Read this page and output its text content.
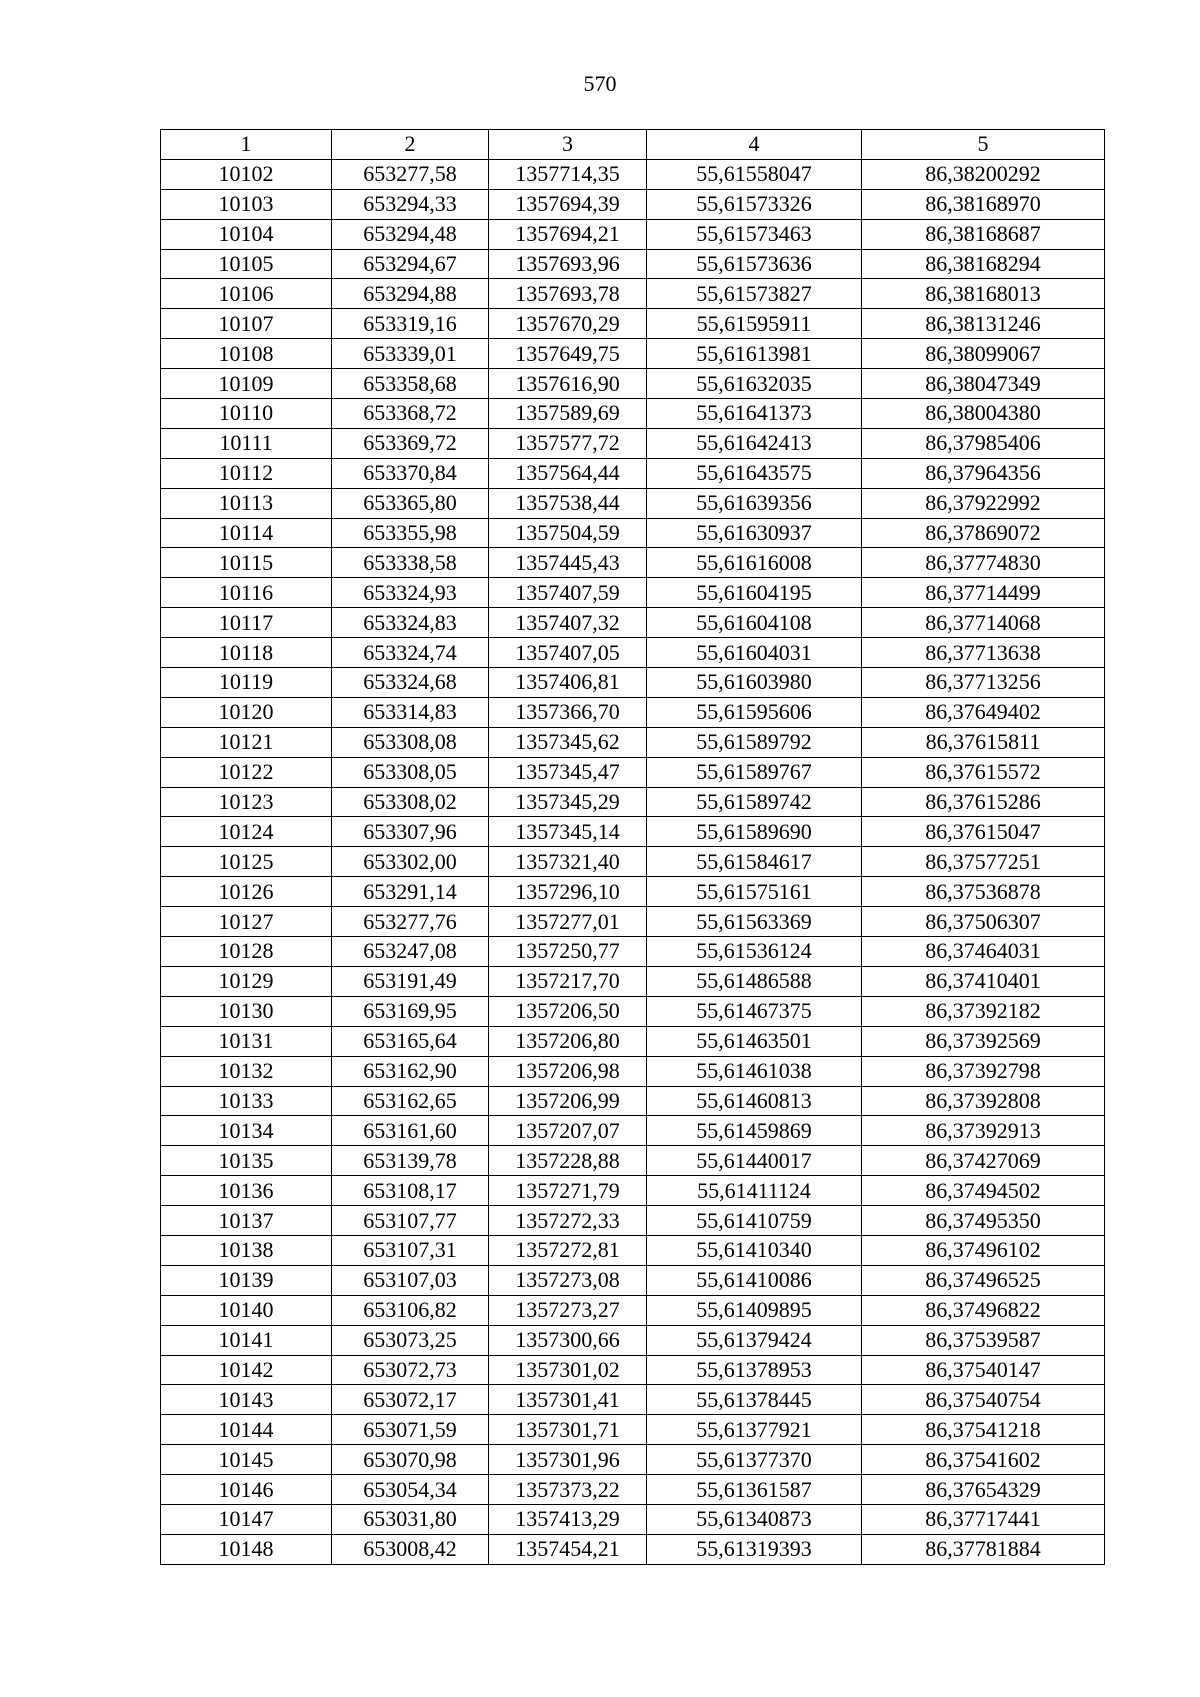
570
1	2	3	4	5
10102	653277,58	1357714,35	55,61558047	86,38200292
10103	653294,33	1357694,39	55,61573326	86,38168970
10104	653294,48	1357694,21	55,61573463	86,38168687
10105	653294,67	1357693,96	55,61573636	86,38168294
10106	653294,88	1357693,78	55,61573827	86,38168013
10107	653319,16	1357670,29	55,61595911	86,38131246
10108	653339,01	1357649,75	55,61613981	86,38099067
10109	653358,68	1357616,90	55,61632035	86,38047349
10110	653368,72	1357589,69	55,61641373	86,38004380
10111	653369,72	1357577,72	55,61642413	86,37985406
10112	653370,84	1357564,44	55,61643575	86,37964356
10113	653365,80	1357538,44	55,61639356	86,37922992
10114	653355,98	1357504,59	55,61630937	86,37869072
10115	653338,58	1357445,43	55,61616008	86,37774830
10116	653324,93	1357407,59	55,61604195	86,37714499
10117	653324,83	1357407,32	55,61604108	86,37714068
10118	653324,74	1357407,05	55,61604031	86,37713638
10119	653324,68	1357406,81	55,61603980	86,37713256
10120	653314,83	1357366,70	55,61595606	86,37649402
10121	653308,08	1357345,62	55,61589792	86,37615811
10122	653308,05	1357345,47	55,61589767	86,37615572
10123	653308,02	1357345,29	55,61589742	86,37615286
10124	653307,96	1357345,14	55,61589690	86,37615047
10125	653302,00	1357321,40	55,61584617	86,37577251
10126	653291,14	1357296,10	55,61575161	86,37536878
10127	653277,76	1357277,01	55,61563369	86,37506307
10128	653247,08	1357250,77	55,61536124	86,37464031
10129	653191,49	1357217,70	55,61486588	86,37410401
10130	653169,95	1357206,50	55,61467375	86,37392182
10131	653165,64	1357206,80	55,61463501	86,37392569
10132	653162,90	1357206,98	55,61461038	86,37392798
10133	653162,65	1357206,99	55,61460813	86,37392808
10134	653161,60	1357207,07	55,61459869	86,37392913
10135	653139,78	1357228,88	55,61440017	86,37427069
10136	653108,17	1357271,79	55,61411124	86,37494502
10137	653107,77	1357272,33	55,61410759	86,37495350
10138	653107,31	1357272,81	55,61410340	86,37496102
10139	653107,03	1357273,08	55,61410086	86,37496525
10140	653106,82	1357273,27	55,61409895	86,37496822
10141	653073,25	1357300,66	55,61379424	86,37539587
10142	653072,73	1357301,02	55,61378953	86,37540147
10143	653072,17	1357301,41	55,61378445	86,37540754
10144	653071,59	1357301,71	55,61377921	86,37541218
10145	653070,98	1357301,96	55,61377370	86,37541602
10146	653054,34	1357373,22	55,61361587	86,37654329
10147	653031,80	1357413,29	55,61340873	86,37717441
10148	653008,42	1357454,21	55,61319393	86,37781884
